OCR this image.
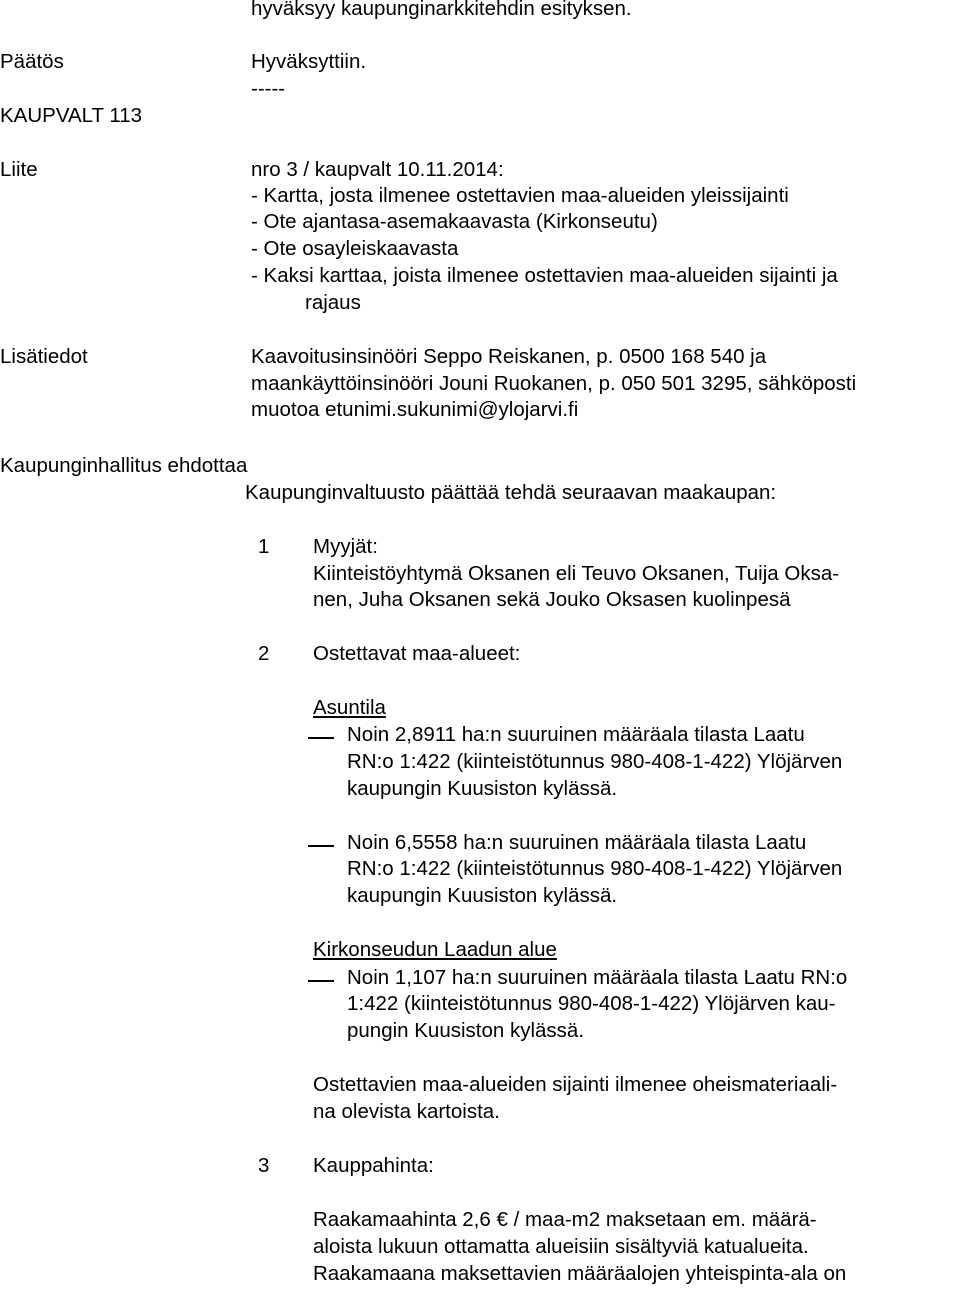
hyväksyy kaupunginarkkitehdin esityksen.
Päätös	Hyväksyttiin.
-----
KAUPVALT 113
Liite	nro 3 / kaupvalt 10.11.2014:
- Kartta, josta ilmenee ostettavien maa-alueiden yleissijainti
- Ote ajantasa-asemakaavasta (Kirkonseutu)
- Ote osayleiskaavasta
- Kaksi karttaa, joista ilmenee ostettavien maa-alueiden sijainti ja
rajaus
Lisätiedot	Kaavoitusinsinööri Seppo Reiskanen, p. 0500 168 540 ja
maankäyttöinsinööri Jouni Ruokanen, p. 050 501 3295, sähköposti
muotoa etunimi.sukunimi@ylojarvi.fi
Kaupunginhallitus ehdottaa
Kaupunginvaltuusto päättää tehdä seuraavan maakaupan:
1 Myyjät:
Kiinteistöyhtymä Oksanen eli Teuvo Oksanen, Tuija Oksa-
nen, Juha Oksanen sekä Jouko Oksasen kuolinpesä
2 Ostettavat maa-alueet:
Asuntila
Noin 2,8911 ha:n suuruinen määräala tilasta Laatu
RN:o 1:422 (kiinteistötunnus 980-408-1-422) Ylöjärven
kaupungin Kuusiston kylässä.
Noin 6,5558 ha:n suuruinen määräala tilasta Laatu
RN:o 1:422 (kiinteistötunnus 980-408-1-422) Ylöjärven
kaupungin Kuusiston kylässä.
Kirkonseudun Laadun alue
Noin 1,107 ha:n suuruinen määräala tilasta Laatu RN:o
1:422 (kiinteistötunnus 980-408-1-422) Ylöjärven kau-
pungin Kuusiston kylässä.
Ostettavien maa-alueiden sijainti ilmenee oheismateriaali-
na olevista kartoista.
3 Kauppahinta:
Raakamaahinta 2,6 € / maa-m2 maksetaan em. määrä-
aloista lukuun ottamatta alueisiin sisältyviä katualueita.
Raakamaana maksettavien määräalojen yhteispinta-ala on
